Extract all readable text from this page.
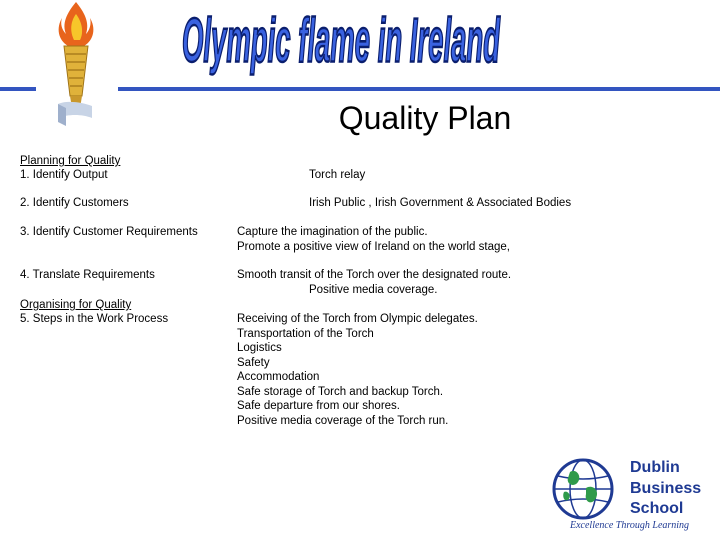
Olympic flame in Ireland
Quality Plan
Planning for Quality
1. Identify Output	Torch relay
2. Identify Customers	Irish Public , Irish Government & Associated Bodies
3. Identify Customer Requirements	Capture the imagination of the public.
Promote a positive view of Ireland on the world stage,
4. Translate Requirements	Smooth transit of the Torch over the designated route.
Positive media coverage.
Organising for Quality
5. Steps in the Work Process	Receiving of the Torch from Olympic delegates.
Transportation of the Torch
Logistics
Safety
Accommodation
Safe storage of Torch and backup Torch.
Safe departure from our shores.
Positive media coverage of the Torch run.
Dublin
Business
School
Excellence Through Learning
